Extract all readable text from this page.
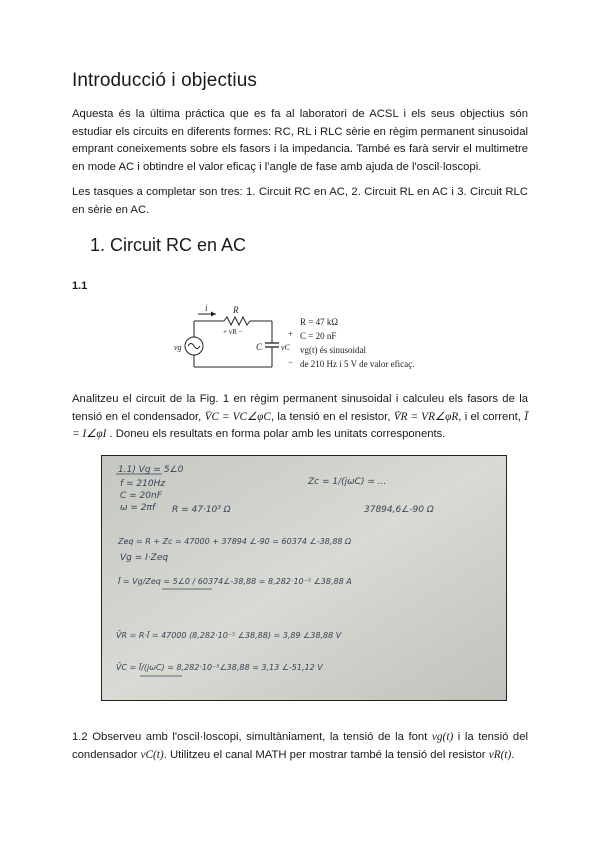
Introducció i objectius

Aquesta és la última práctica que es fa al laboratori de ACSL i els seus objectius són estudiar els circuits en diferents formes: RC, RL i RLC sèrie en règim permanent sinusoidal emprant coneixements sobre els fasors i la impedancia. També es farà servir el multimetre en mode AC i obtindre el valor eficaç i l'angle de fase amb ajuda de l'oscil·loscopi.

Les tasques a completar son tres: 1. Circuit RC en AC, 2. Circuit RL en AC i 3. Circuit RLC en sèrie en AC.

1. Circuit RC en AC
1.1
i	R
+ vR −	+
−
vg	C vC
R = 47 kΩ
C = 20 nF
vg(t) és sinusoidal
de 210 Hz i 5 V de valor eficaç.

Analitzeu el circuit de la Fig. 1 en règim permanent sinusoidal i calculeu els fasors de la tensió en el condensador, V̄C = VC∠φC, la tensió en el resistor, V̄R = VR∠φR, i el corrent, Ī = I∠φI . Doneu els resultats en forma polar amb les unitats corresponents.

1.1) Vg = 5∠0
f = 210Hz
C = 20nF
ω = 2πf
Zc = 1/(jωC) = ...
R = 47·10³ Ω	37894,6∠-90 Ω
Zeq = R + Zc = 47000 + 37894 ∠-90 = 60374 ∠-38,88 Ω
Vg = I·Zeq
Ī = Vg/Zeq = 5∠0 / 60374∠-38,88 = 8,282·10⁻⁵ ∠38,88 A
V̄R = R·Ī = 47000 (8,282·10⁻⁵ ∠38,88) = 3,89 ∠38,88 V
V̄C = Ī/(jωC) = 8,282·10⁻⁵∠38,88 = 3,13 ∠-51,12 V

1.2 Observeu amb l'oscil·loscopi, simultàniament, la tensió de la font vg(t) i la tensió del condensador vC(t). Utilitzeu el canal MATH per mostrar també la tensió del resistor vR(t).
